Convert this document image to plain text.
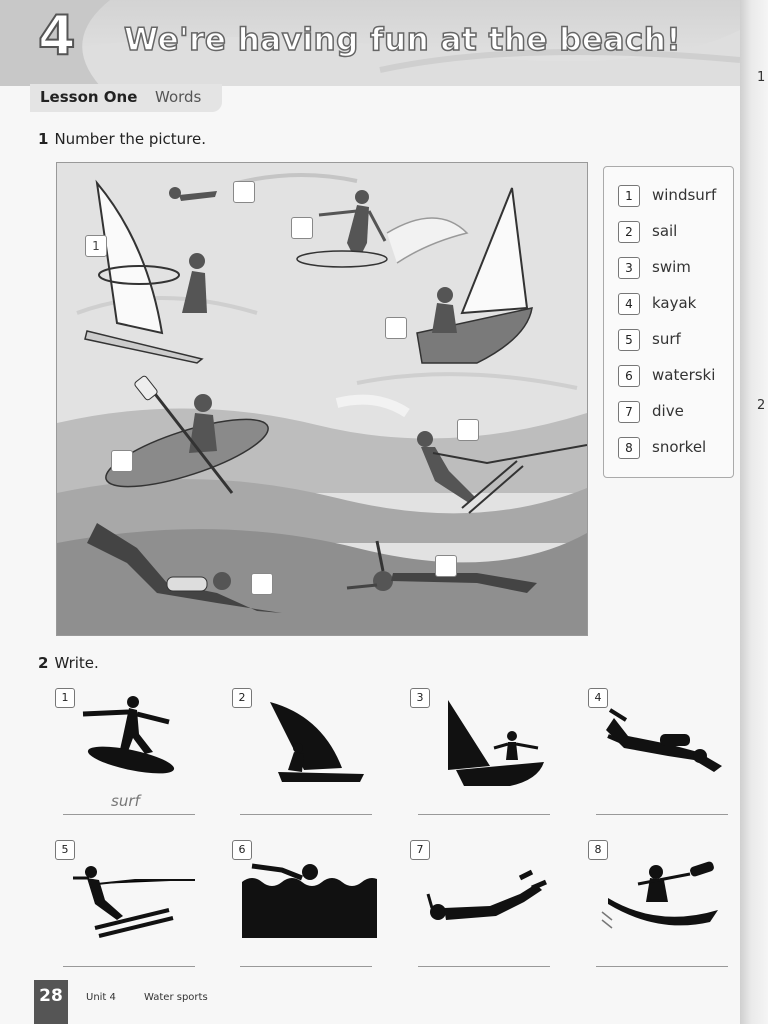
4 We're having fun at the beach!
Lesson One Words
1 Number the picture.
1
1	windsurf
2	sail
3	swim
4	kayak
5	surf
6	waterski
7	dive
8	snorkel
2 Write.
1
surf
2	3	4
5	6	7	8
28	Unit 4	Water sports
1
2
